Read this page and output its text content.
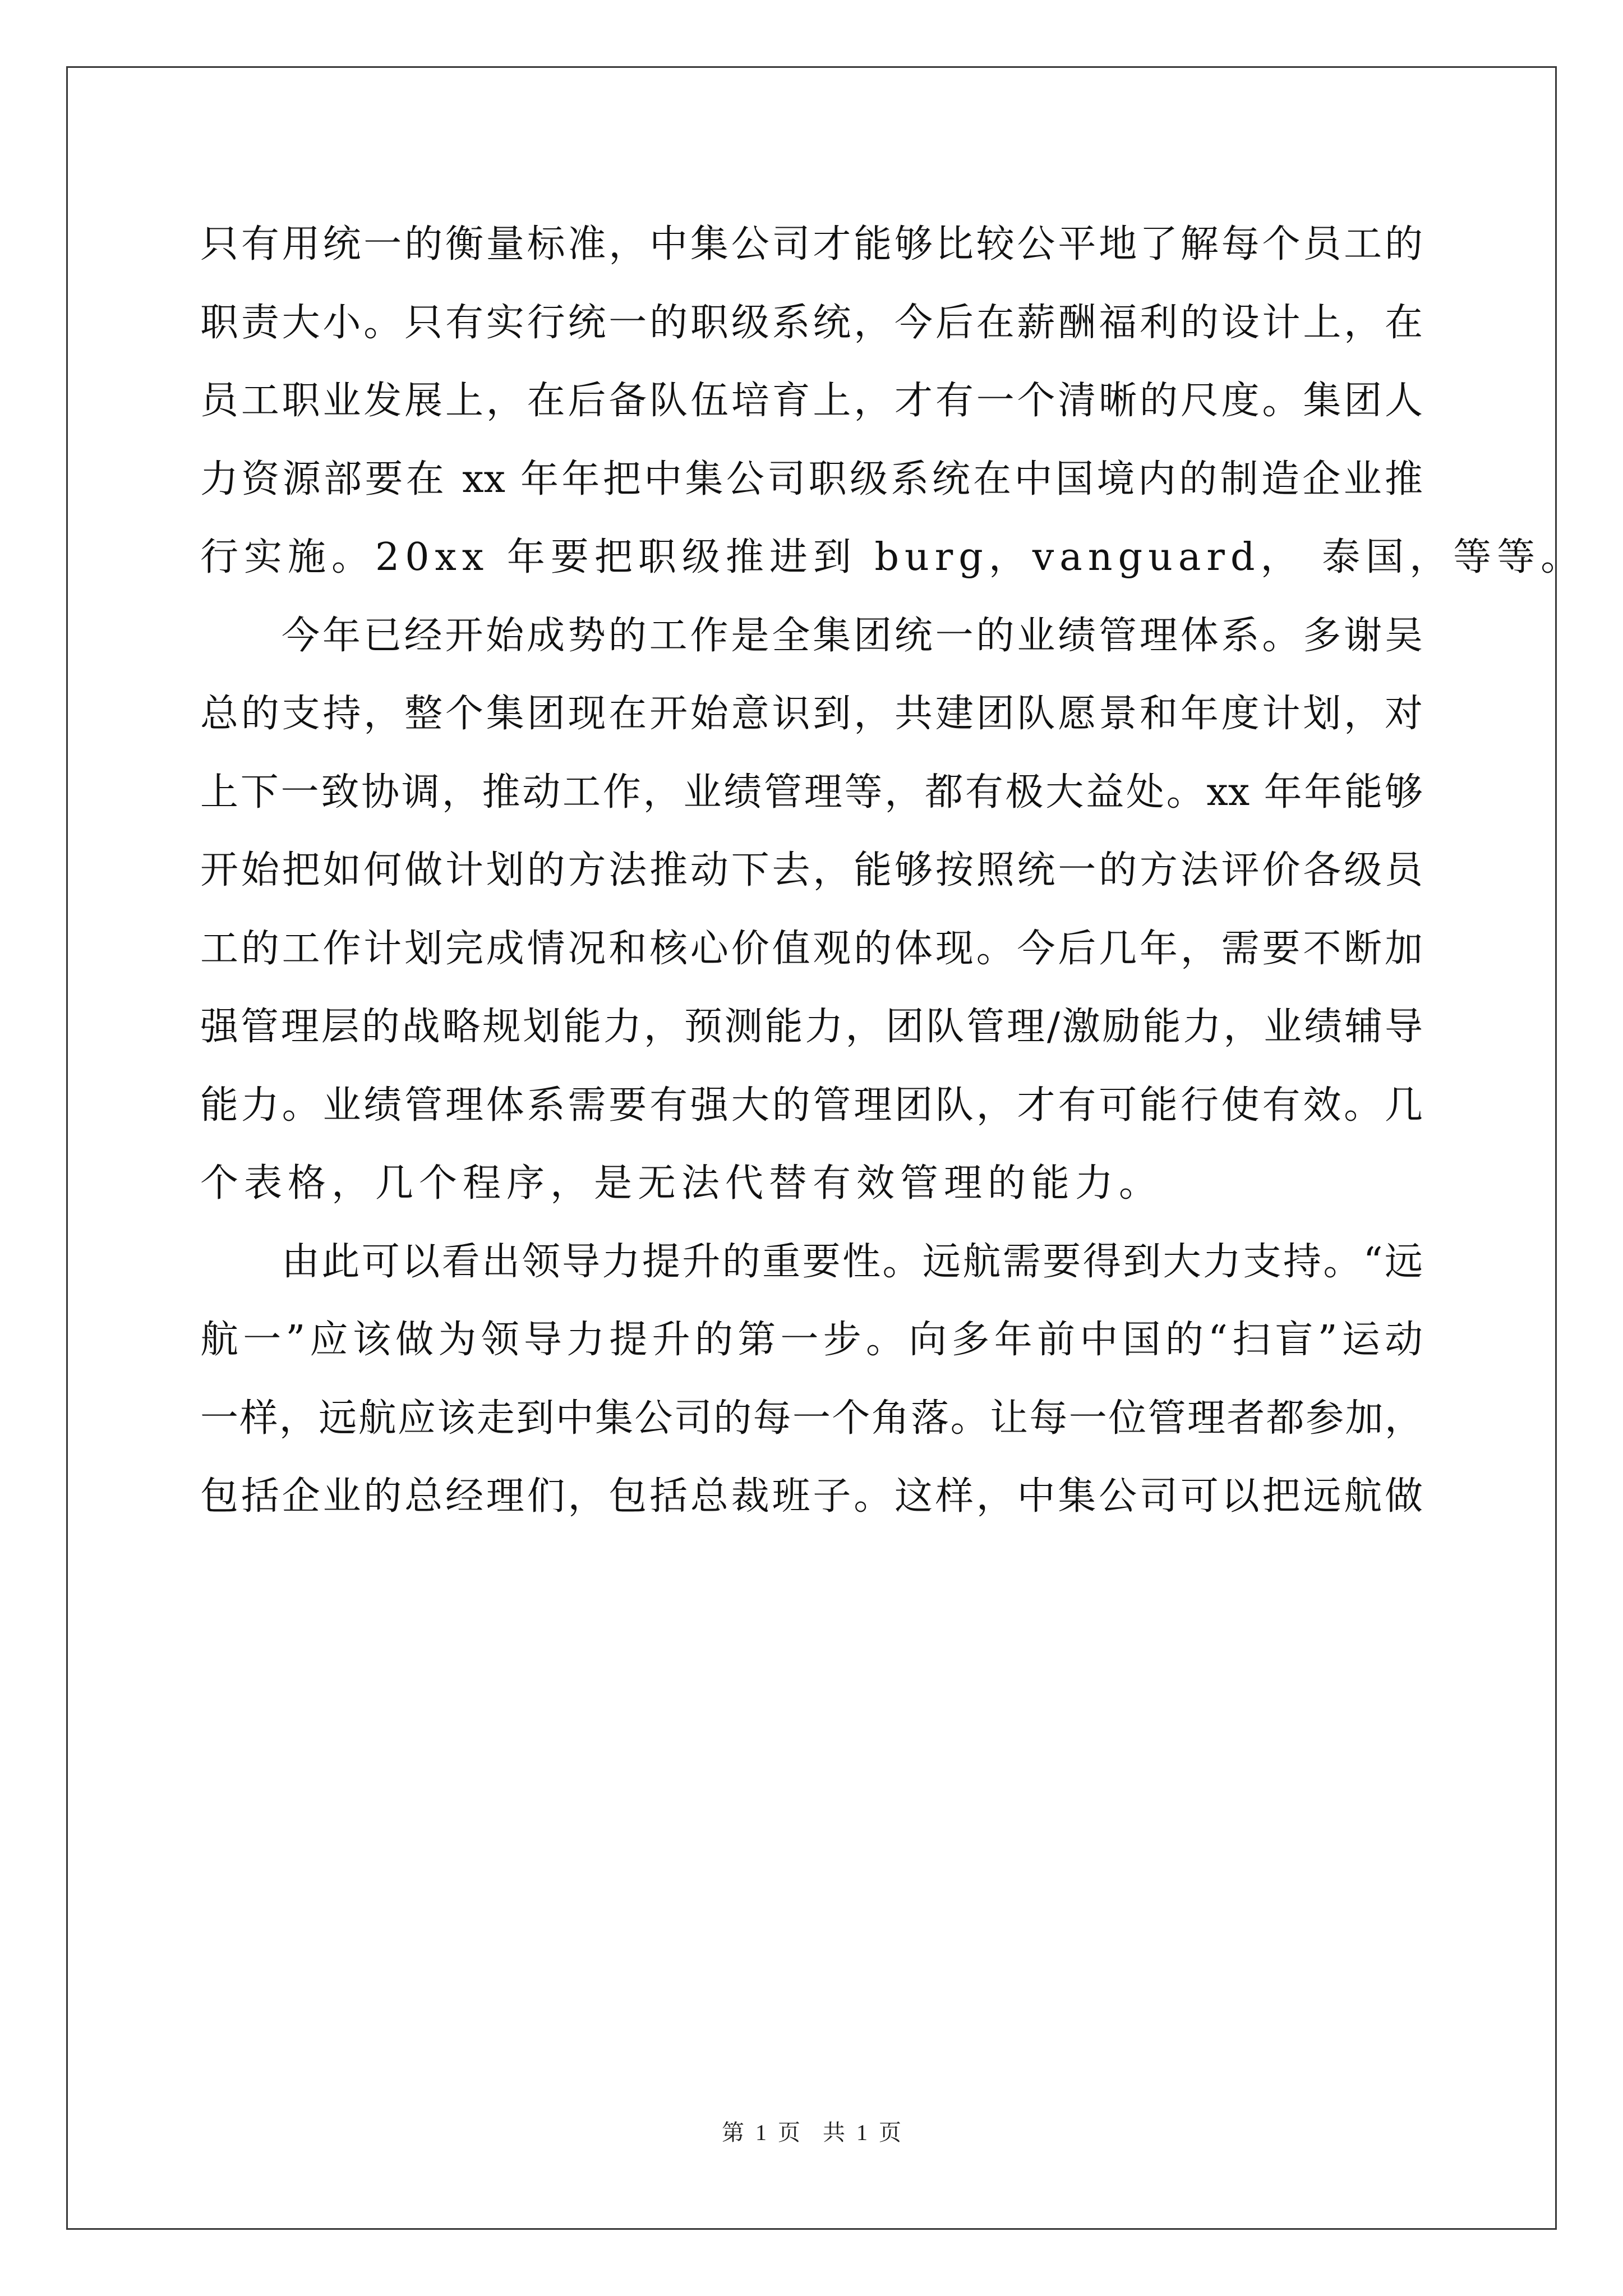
只有用统一的衡量标准，中集公司才能够比较公平地了解每个员工的
职责大小。只有实行统一的职级系统，今后在薪酬福利的设计上，在
员工职业发展上，在后备队伍培育上，才有一个清晰的尺度。集团人
力资源部要在 xx 年年把中集公司职级系统在中国境内的制造企业推
行实施。20xx 年要把职级推进到 burg，vanguard， 泰国，等等。
今年已经开始成势的工作是全集团统一的业绩管理体系。多谢吴
总的支持，整个集团现在开始意识到，共建团队愿景和年度计划，对
上下一致协调，推动工作，业绩管理等，都有极大益处。xx 年年能够
开始把如何做计划的方法推动下去，能够按照统一的方法评价各级员
工的工作计划完成情况和核心价值观的体现。今后几年，需要不断加
强管理层的战略规划能力，预测能力，团队管理/激励能力，业绩辅导
能力。业绩管理体系需要有强大的管理团队，才有可能行使有效。几
个表格，几个程序，是无法代替有效管理的能力。
由此可以看出领导力提升的重要性。远航需要得到大力支持。“远
航一”应该做为领导力提升的第一步。向多年前中国的“扫盲”运动
一样，远航应该走到中集公司的每一个角落。让每一位管理者都参加，
包括企业的总经理们，包括总裁班子。这样，中集公司可以把远航做
第 1 页　共 1 页
